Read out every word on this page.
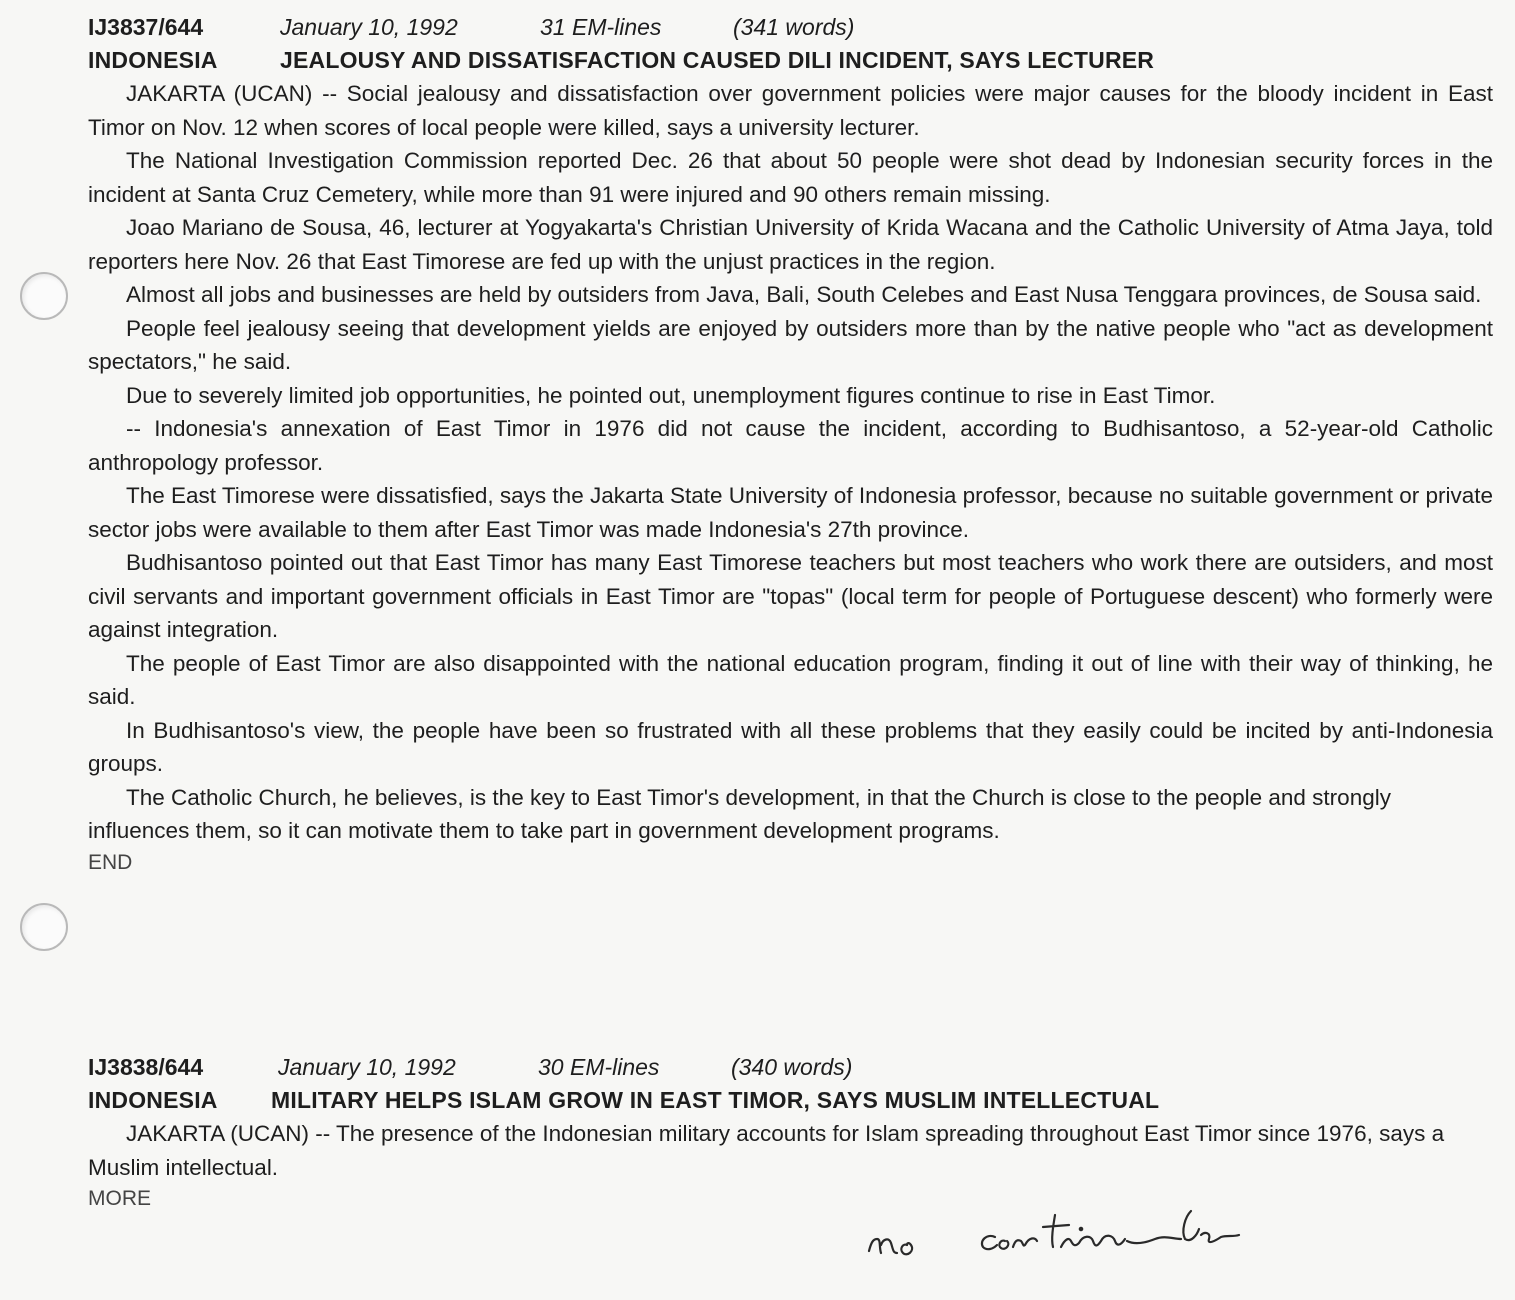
IJ3837/644	January 10, 1992	31 EM-lines	(341 words)
INDONESIA	JEALOUSY AND DISSATISFACTION CAUSED DILI INCIDENT, SAYS LECTURER

JAKARTA (UCAN) -- Social jealousy and dissatisfaction over government policies were major causes for the bloody incident in East Timor on Nov. 12 when scores of local people were killed, says a university lecturer.

The National Investigation Commission reported Dec. 26 that about 50 people were shot dead by Indonesian security forces in the incident at Santa Cruz Cemetery, while more than 91 were injured and 90 others remain missing.

Joao Mariano de Sousa, 46, lecturer at Yogyakarta's Christian University of Krida Wacana and the Catholic University of Atma Jaya, told reporters here Nov. 26 that East Timorese are fed up with the unjust practices in the region.

Almost all jobs and businesses are held by outsiders from Java, Bali, South Celebes and East Nusa Tenggara provinces, de Sousa said.

People feel jealousy seeing that development yields are enjoyed by outsiders more than by the native people who "act as development spectators," he said.

Due to severely limited job opportunities, he pointed out, unemployment figures continue to rise in East Timor.

-- Indonesia's annexation of East Timor in 1976 did not cause the incident, according to Budhisantoso, a 52-year-old Catholic anthropology professor.

The East Timorese were dissatisfied, says the Jakarta State University of Indonesia professor, because no suitable government or private sector jobs were available to them after East Timor was made Indonesia's 27th province.

Budhisantoso pointed out that East Timor has many East Timorese teachers but most teachers who work there are outsiders, and most civil servants and important government officials in East Timor are "topas" (local term for people of Portuguese descent) who formerly were against integration.

The people of East Timor are also disappointed with the national education program, finding it out of line with their way of thinking, he said.

In Budhisantoso's view, the people have been so frustrated with all these problems that they easily could be incited by anti-Indonesia groups.

The Catholic Church, he believes, is the key to East Timor's development, in that the Church is close to the people and strongly influences them, so it can motivate them to take part in government development programs.

END
IJ3838/644	January 10, 1992	30 EM-lines	(340 words)
INDONESIA MILITARY HELPS ISLAM GROW IN EAST TIMOR, SAYS MUSLIM INTELLECTUAL

JAKARTA (UCAN) -- The presence of the Indonesian military accounts for Islam spreading throughout East Timor since 1976, says a Muslim intellectual.

MORE
